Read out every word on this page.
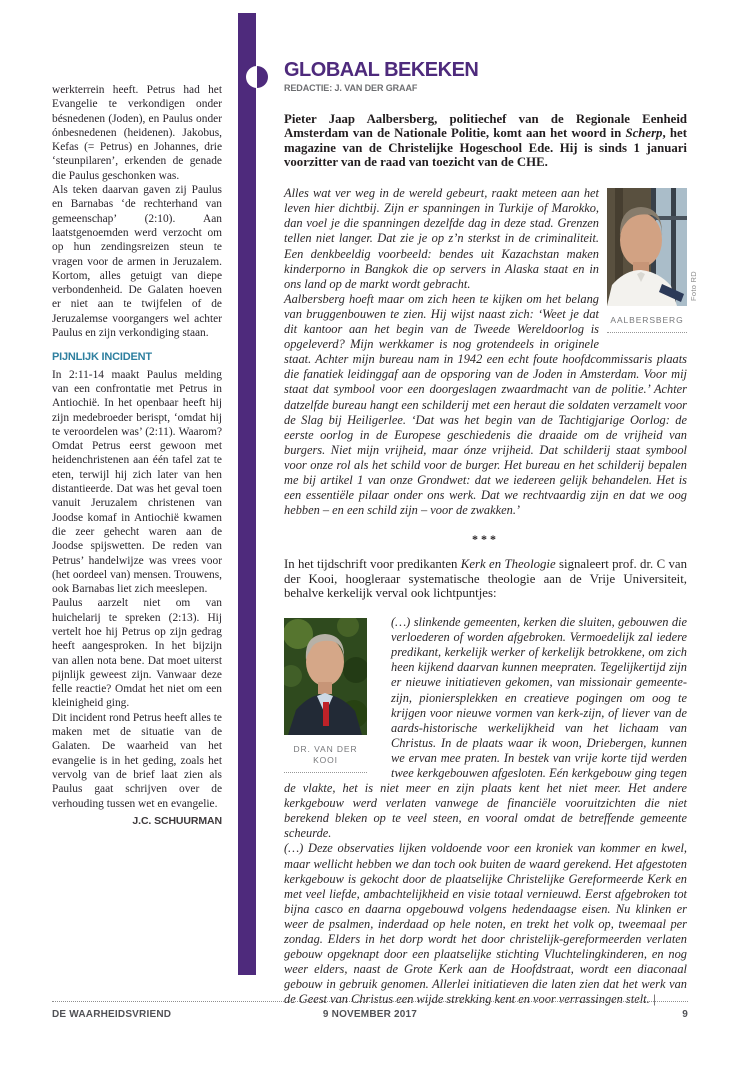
werkterrein heeft. Petrus had het Evangelie te verkondigen onder bésnedenen (Joden), en Paulus onder ónbesnedenen (heidenen). Jakobus, Kefas (= Petrus) en Johannes, drie ‘steunpilaren’, erkenden de genade die Paulus geschonken was.

Als teken daarvan gaven zij Paulus en Barnabas ‘de rechterhand van gemeenschap’ (2:10). Aan laatstgenoemden werd verzocht om op hun zendingsreizen steun te vragen voor de armen in Jeruzalem. Kortom, alles getuigt van diepe verbondenheid. De Galaten hoeven er niet aan te twijfelen of de Jeruzalemse voorgangers wel achter Paulus en zijn verkondiging staan.

PIJNLIJK INCIDENT

In 2:11-14 maakt Paulus melding van een confrontatie met Petrus in Antiochië. In het openbaar heeft hij zijn medebroeder berispt, ‘omdat hij te veroordelen was’ (2:11). Waarom? Omdat Petrus eerst gewoon met heidenchristenen aan één tafel zat te eten, terwijl hij zich later van hen distantieerde. Dat was het geval toen vanuit Jeruzalem christenen van Joodse komaf in Antiochië kwamen die zeer gehecht waren aan de Joodse spijswetten. De reden van Petrus’ handelwijze was vrees voor (het oordeel van) mensen. Trouwens, ook Barnabas liet zich meeslepen.

Paulus aarzelt niet om van huichelarij te spreken (2:13). Hij vertelt hoe hij Petrus op zijn gedrag heeft aangesproken. In het bijzijn van allen nota bene. Dat moet uiterst pijnlijk geweest zijn. Vanwaar deze felle reactie? Omdat het niet om een kleinigheid ging.

Dit incident rond Petrus heeft alles te maken met de situatie van de Galaten. De waarheid van het evangelie is in het geding, zoals het vervolg van de brief laat zien als Paulus gaat schrijven over de verhouding tussen wet en evangelie.

J.C. SCHUURMAN
GLOBAAL BEKEKEN
REDACTIE: J. VAN DER GRAAF

Pieter Jaap Aalbersberg, politiechef van de Regionale Eenheid Amsterdam van de Nationale Politie, komt aan het woord in Scherp, het magazine van de Christelijke Hogeschool Ede. Hij is sinds 1 januari voorzitter van de raad van toezicht van de CHE.

AALBERSBERG
Foto RD

Alles wat ver weg in de wereld gebeurt, raakt meteen aan het leven hier dichtbij. Zijn er spanningen in Turkije of Marokko, dan voel je die spanningen dezelfde dag in deze stad. Grenzen tellen niet langer. Dat zie je op z’n sterkst in de criminaliteit. Een denkbeeldig voorbeeld: bendes uit Kazachstan maken kinderporno in Bangkok die op servers in Alaska staat en in ons land op de markt wordt gebracht.

Aalbersberg hoeft maar om zich heen te kijken om het belang van bruggenbouwen te zien. Hij wijst naast zich: ‘Weet je dat dit kantoor aan het begin van de Tweede Wereldoorlog is opgeleverd? Mijn werkkamer is nog grotendeels in originele staat. Achter mijn bureau nam in 1942 een echt foute hoofdcommissaris plaats die fanatiek leidinggaf aan de opsporing van de Joden in Amsterdam. Voor mij staat dat symbool voor een doorgeslagen zwaardmacht van de politie.’ Achter datzelfde bureau hangt een schilderij met een heraut die soldaten verzamelt voor de Slag bij Heiligerlee. ‘Dat was het begin van de Tachtigjarige Oorlog: de eerste oorlog in de Europese geschiedenis die draaide om de vrijheid van burgers. Niet mijn vrijheid, maar ónze vrijheid. Dat schilderij staat symbool voor onze rol als het schild voor de burger. Het bureau en het schilderij bepalen me bij artikel 1 van onze Grondwet: dat we iedereen gelijk behandelen. Het is een essentiële pilaar onder ons werk. Dat we rechtvaardig zijn en dat we oog hebben – en een schild zijn – voor de zwakken.’

***

In het tijdschrift voor predikanten Kerk en Theologie signaleert prof. dr. C van der Kooi, hoogleraar systematische theologie aan de Vrije Universiteit, behalve kerkelijk verval ook lichtpuntjes:

DR. VAN DER
KOOI

(…) slinkende gemeenten, kerken die sluiten, gebouwen die verloederen of worden afgebroken. Vermoedelijk zal iedere predikant, kerkelijk werker of kerkelijk betrokkene, om zich heen kijkend daarvan kunnen meepraten. Tegelijkertijd zijn er nieuwe initiatieven gekomen, van missionair gemeente-zijn, pioniersplekken en creatieve pogingen om oog te krijgen voor nieuwe vormen van kerk-zijn, of liever van de aards-historische werkelijkheid van het lichaam van Christus. In de plaats waar ik woon, Driebergen, kunnen we ervan mee praten. In bestek van vrije korte tijd werden twee kerkgebouwen afgesloten. Eén kerkgebouw ging tegen de vlakte, het is niet meer en zijn plaats kent het niet meer. Het andere kerkgebouw werd verlaten vanwege de financiële vooruitzichten die niet berekend bleken op te veel steen, en vooral omdat de betreffende gemeente scheurde.

(…) Deze observaties lijken voldoende voor een kroniek van kommer en kwel, maar wellicht hebben we dan toch ook buiten de waard gerekend. Het afgestoten kerkgebouw is gekocht door de plaatselijke Christelijke Gereformeerde Kerk en met veel liefde, ambachtelijkheid en visie totaal vernieuwd. Eerst afgebroken tot bijna casco en daarna opgebouwd volgens hedendaagse eisen. Nu klinken er weer de psalmen, inderdaad op hele noten, en trekt het volk op, tweemaal per zondag. Elders in het dorp wordt het door christelijk-gereformeerden verlaten gebouw opgeknapt door een plaatselijke stichting Vluchtelingkinderen, en nog weer elders, naast de Grote Kerk aan de Hoofdstraat, wordt een diaconaal gebouw in gebruik genomen. Allerlei initiatieven die laten zien dat het werk van de Geest van Christus een wijde strekking kent en voor verrassingen stelt. |

DE WAARHEIDSVRIEND	9 NOVEMBER 2017	9
